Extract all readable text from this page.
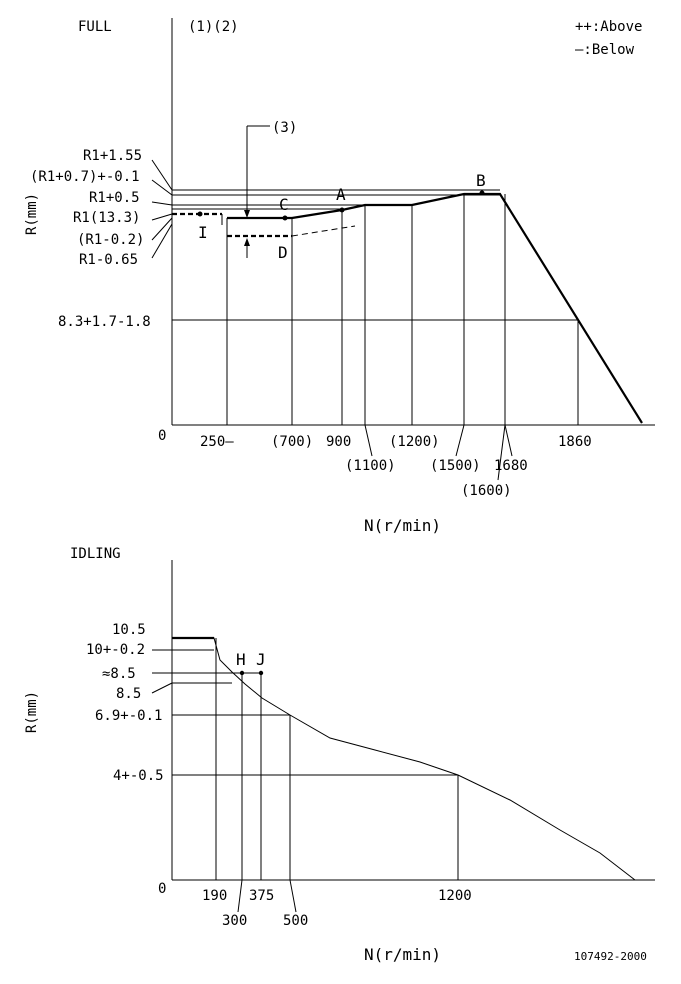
FULL	(1)(2)	++:Above
—:Below
0
R1+1.55
(R1+0.7)+-0.1
R1+0.5
R1(13.3)
(R1-0.2)
R1-0.65
8.3+1.7-1.8
R(mm)
(3)
A
B
C
D
I
250—	(700) 900
(1100)
(1200)
(1500)
(1600)
1680
1860
N(r/min)
IDLING
0
R(mm)
10.5
10+-0.2
≈8.5
8.5
6.9+-0.1
4+-0.5
H J
190
300
375
500
1200
N(r/min)	107492-2000
